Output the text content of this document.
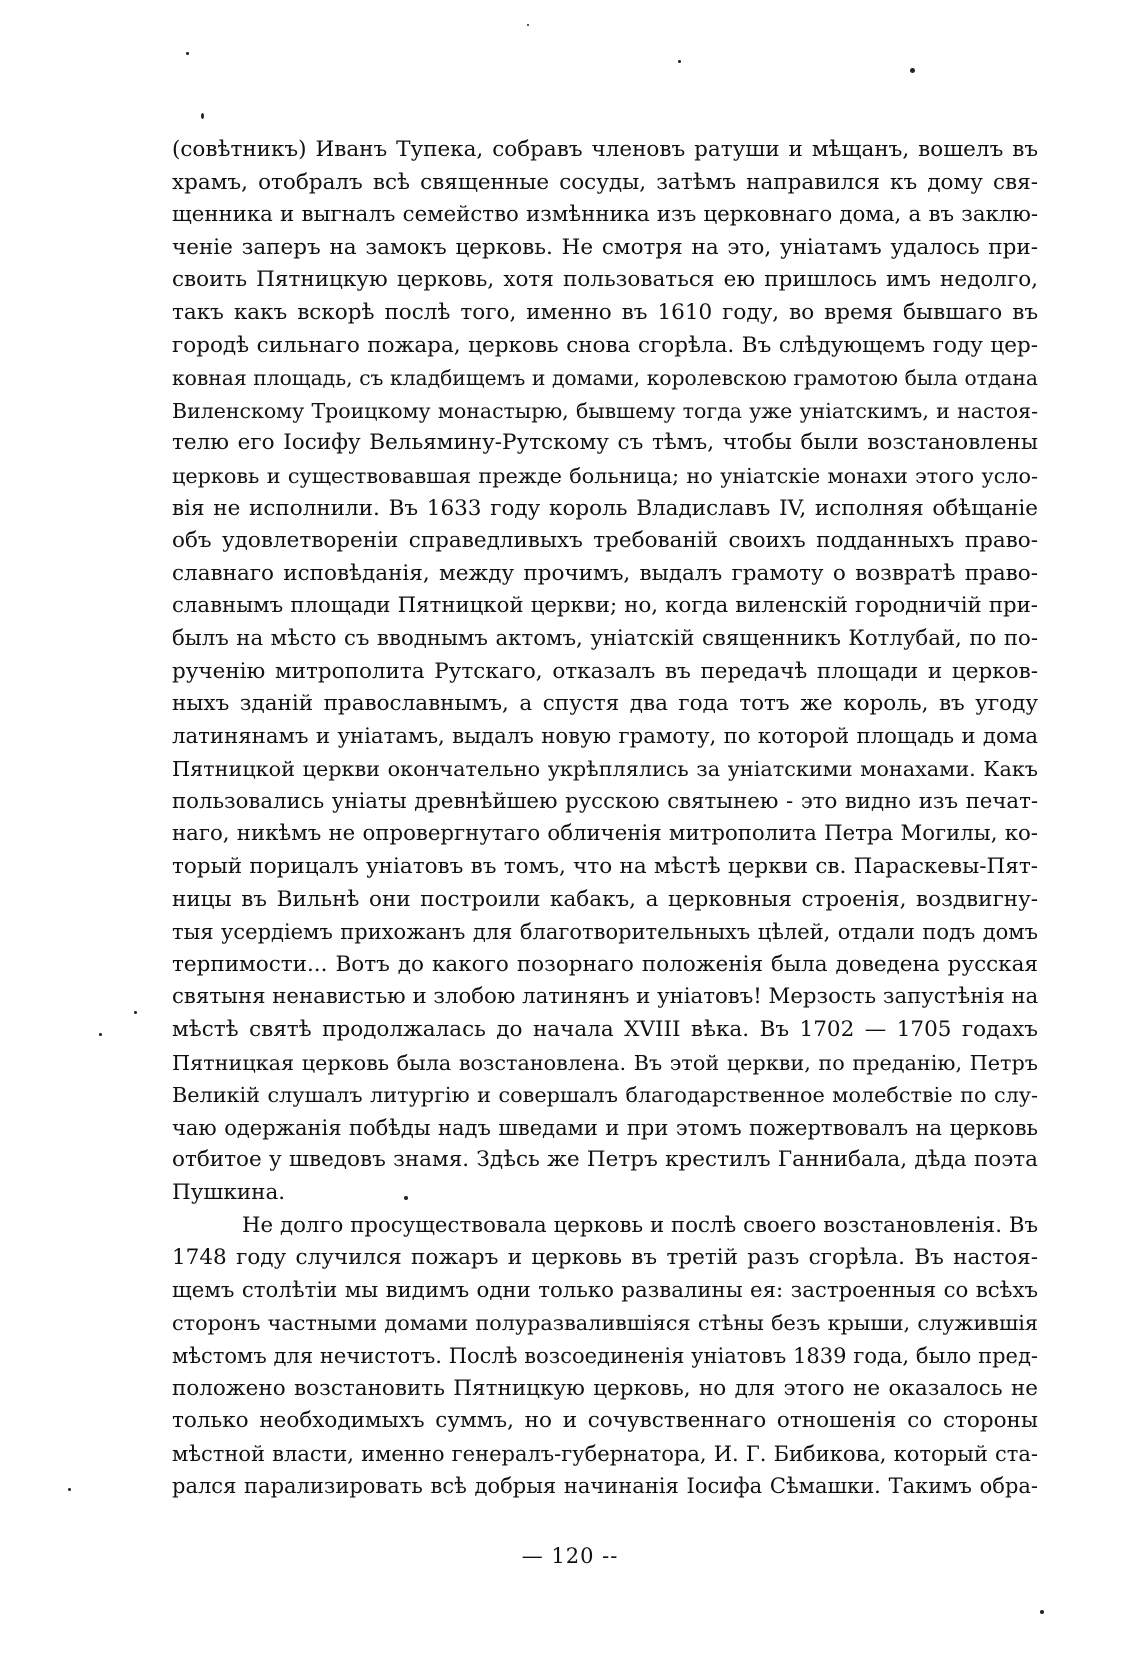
(совѣтникъ) Иванъ Тупека, собравъ членовъ ратуши и мѣщанъ, вошелъ въ
храмъ, отобралъ всѣ священные сосуды, затѣмъ направился къ дому свя-
щенника и выгналъ семейство измѣнника изъ церковнаго дома, а въ заклю-
ченіе заперъ на замокъ церковь. Не смотря на это, уніатамъ удалось при-
своить Пятницкую церковь, хотя пользоваться ею пришлось имъ недолго,
такъ какъ вскорѣ послѣ того, именно въ 1610 году, во время бывшаго въ
городѣ сильнаго пожара, церковь снова сгорѣла. Въ слѣдующемъ году цер-
ковная площадь, съ кладбищемъ и домами, королевскою грамотою была отдана
Виленскому Троицкому монастырю, бывшему тогда уже уніатскимъ, и настоя-
телю его Іосифу Вельямину-Рутскому съ тѣмъ, чтобы были возстановлены
церковь и существовавшая прежде больница; но уніатскіе монахи этого усло-
вія не исполнили. Въ 1633 году король Владиславъ IV, исполняя обѣщаніе
объ удовлетвореніи справедливыхъ требованій своихъ подданныхъ право-
славнаго исповѣданія, между прочимъ, выдалъ грамоту о возвратѣ право-
славнымъ площади Пятницкой церкви; но, когда виленскій городничій при-
былъ на мѣсто съ вводнымъ актомъ, уніатскій священникъ Котлубай, по по-
рученію митрополита Рутскаго, отказалъ въ передачѣ площади и церков-
ныхъ зданій православнымъ, а спустя два года тотъ же король, въ угоду
латинянамъ и уніатамъ, выдалъ новую грамоту, по которой площадь и дома
Пятницкой церкви окончательно укрѣплялись за уніатскими монахами. Какъ
пользовались уніаты древнѣйшею русскою святынею - это видно изъ печат-
наго, никѣмъ не опровергнутаго обличенія митрополита Петра Могилы, ко-
торый порицалъ уніатовъ въ томъ, что на мѣстѣ церкви св. Параскевы-Пят-
ницы въ Вильнѣ они построили кабакъ, а церковныя строенія, воздвигну-
тыя усердіемъ прихожанъ для благотворительныхъ цѣлей, отдали подъ домъ
терпимости... Вотъ до какого позорнаго положенія была доведена русская
святыня ненавистью и злобою латинянъ и уніатовъ! Мерзость запустѣнія на
мѣстѣ святѣ продолжалась до начала XVIII вѣка. Въ 1702 — 1705 годахъ
Пятницкая церковь была возстановлена. Въ этой церкви, по преданію, Петръ
Великій слушалъ литургію и совершалъ благодарственное молебствіе по слу-
чаю одержанія побѣды надъ шведами и при этомъ пожертвовалъ на церковь
отбитое у шведовъ знамя. Здѣсь же Петръ крестилъ Ганнибала, дѣда поэта
Пушкина.
Не долго просуществовала церковь и послѣ своего возстановленія. Въ
1748 году случился пожаръ и церковь въ третій разъ сгорѣла. Въ настоя-
щемъ столѣтіи мы видимъ одни только развалины ея: застроенныя со всѣхъ
сторонъ частными домами полуразвалившіяся стѣны безъ крыши, служившія
мѣстомъ для нечистотъ. Послѣ возсоединенія уніатовъ 1839 года, было пред-
положено возстановить Пятницкую церковь, но для этого не оказалось не
только необходимыхъ суммъ, но и сочувственнаго отношенія со стороны
мѣстной власти, именно генералъ-губернатора, И. Г. Бибикова, который ста-
рался парализировать всѣ добрыя начинанія Іосифа Сѣмашки. Такимъ обра-
— 120 --
